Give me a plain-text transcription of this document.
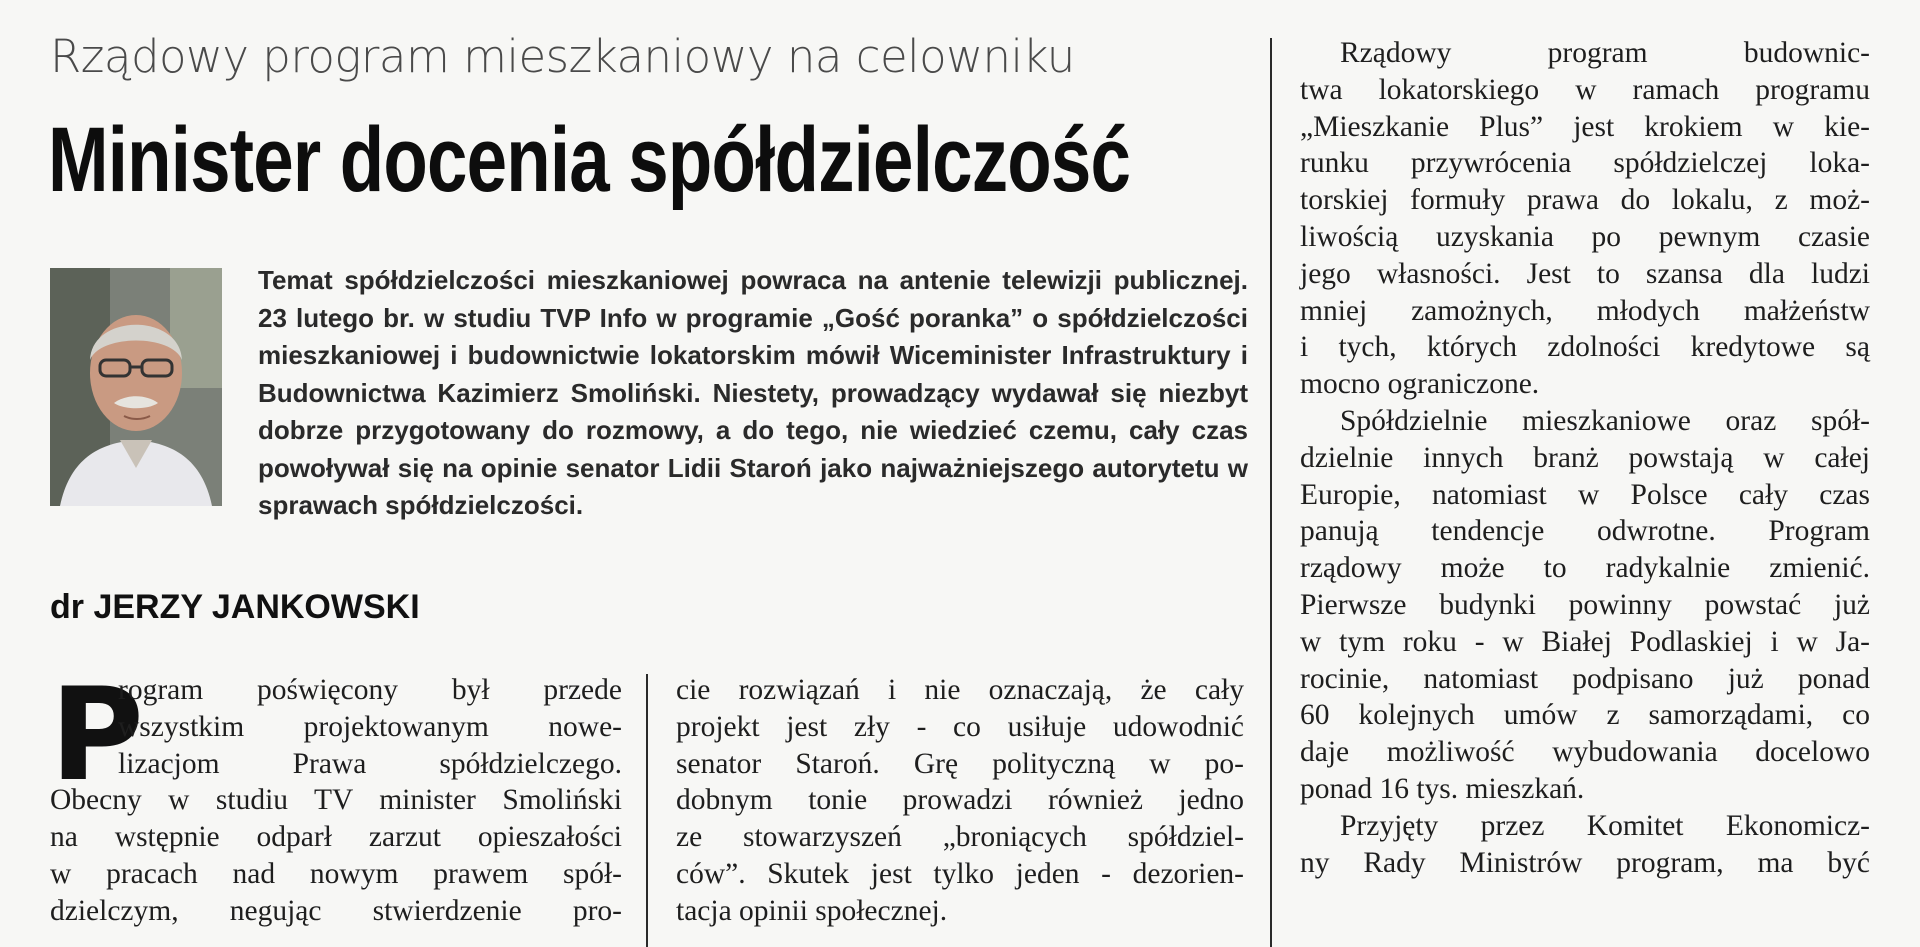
Rządowy program mieszkaniowy na celowniku
Minister docenia spółdzielczość
Temat spółdzielczości mieszkaniowej powraca na antenie telewizji publicznej. 23 lutego br. w studiu TVP Info w programie „Gość poranka” o spółdzielczości mieszkaniowej i budownictwie lokatorskim mówił Wiceminister Infrastruktury i Budownictwa Kazimierz Smoliński. Niestety, prowadzący wydawał się niezbyt dobrze przygotowany do rozmowy, a do tego, nie wiedzieć czemu, cały czas powoływał się na opinie senator Lidii Staroń jako najważniejszego autorytetu w sprawach spółdzielczości.
dr JERZY JANKOWSKI
P
rogram poświęcony był przede
wszystkim projektowanym nowe-
lizacjom Prawa spółdzielczego.
Obecny w studiu TV minister Smoliński
na wstępnie odparł zarzut opieszałości
w pracach nad nowym prawem spół-
dzielczym, negując stwierdzenie pro-
cie rozwiązań i nie oznaczają, że cały
projekt jest zły - co usiłuje udowodnić
senator Staroń. Grę polityczną w po-
dobnym tonie prowadzi również jedno
ze stowarzyszeń „broniących spółdziel-
ców”. Skutek jest tylko jeden - dezorien-
tacja opinii społecznej.
Rządowy program budownic-
twa lokatorskiego w ramach programu
„Mieszkanie Plus” jest krokiem w kie-
runku przywrócenia spółdzielczej loka-
torskiej formuły prawa do lokalu, z moż-
liwością uzyskania po pewnym czasie
jego własności. Jest to szansa dla ludzi
mniej zamożnych, młodych małżeństw
i tych, których zdolności kredytowe są
mocno ograniczone.
Spółdzielnie mieszkaniowe oraz spół-
dzielnie innych branż powstają w całej
Europie, natomiast w Polsce cały czas
panują tendencje odwrotne. Program
rządowy może to radykalnie zmienić.
Pierwsze budynki powinny powstać już
w tym roku - w Białej Podlaskiej i w Ja-
rocinie, natomiast podpisano już ponad
60 kolejnych umów z samorządami, co
daje możliwość wybudowania docelowo
ponad 16 tys. mieszkań.
Przyjęty przez Komitet Ekonomicz-
ny Rady Ministrów program, ma być
